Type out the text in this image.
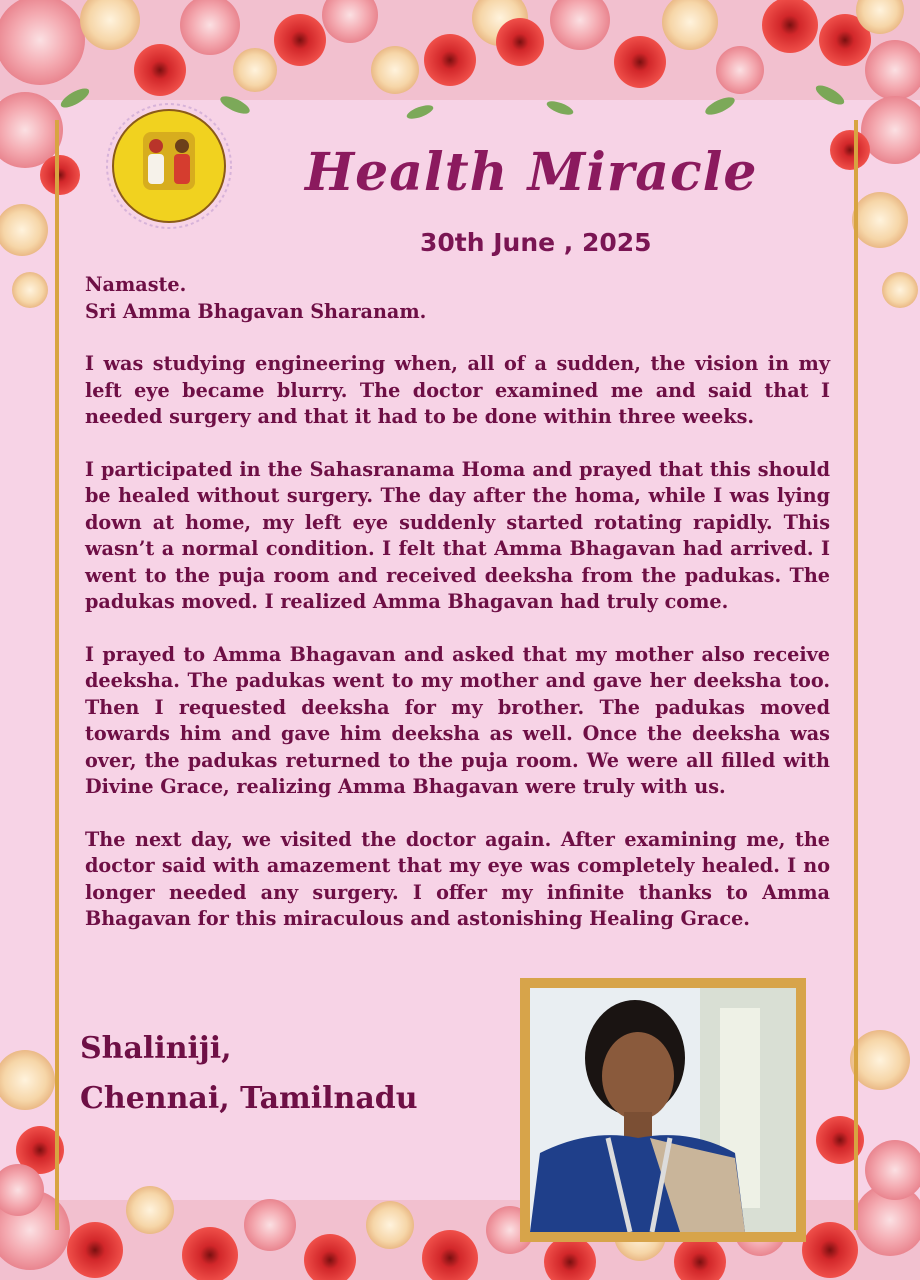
Health Miracle
30th June , 2025

Namaste.

Sri Amma Bhagavan Sharanam.

I was studying engineering when, all of a sudden, the vision in my left eye became blurry. The doctor examined me and said that I needed surgery and that it had to be done within three weeks.

I participated in the Sahasranama Homa and prayed that this should be healed without surgery. The day after the homa, while I was lying down at home, my left eye suddenly started rotating rapidly. This wasn’t a normal condition. I felt that Amma Bhagavan had arrived. I went to the puja room and received deeksha from the padukas. The padukas moved. I realized Amma Bhagavan had truly come.

I prayed to Amma Bhagavan and asked that my mother also receive deeksha. The padukas went to my mother and gave her deeksha too. Then I requested deeksha for my brother. The padukas moved towards him and gave him deeksha as well. Once the deeksha was over, the padukas returned to the puja room. We were all filled with Divine Grace, realizing Amma Bhagavan were truly with us.

The next day, we visited the doctor again. After examining me, the doctor said with amazement that my eye was completely healed. I no longer needed any surgery. I offer my infinite thanks to Amma Bhagavan for this miraculous and astonishing Healing Grace.

Shaliniji,
Chennai, Tamilnadu
